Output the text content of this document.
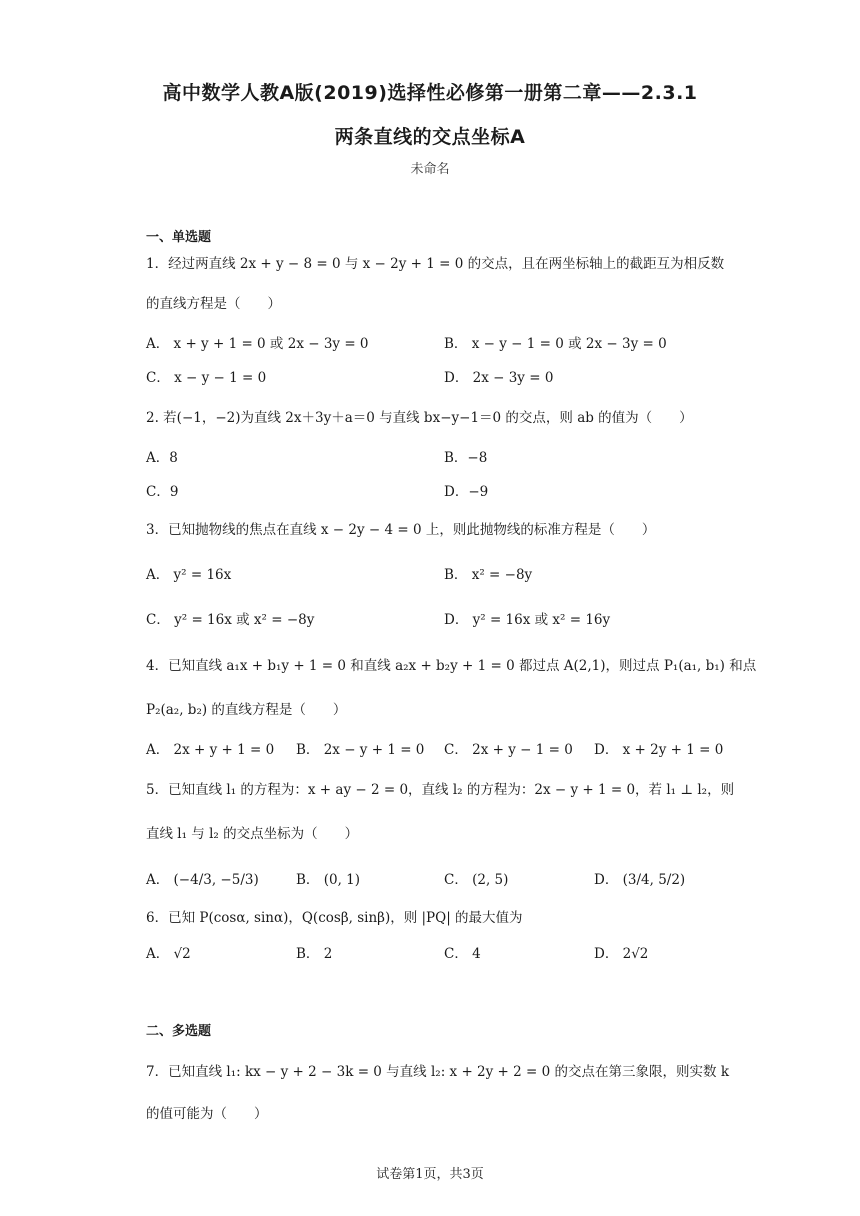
高中数学人教A版(2019)选择性必修第一册第二章——2.3.1
两条直线的交点坐标A
未命名
一、单选题
1．经过两直线 2x + y − 8 = 0 与 x − 2y + 1 = 0 的交点，且在两坐标轴上的截距互为相反数
的直线方程是（　　）
A． x + y + 1 = 0 或 2x − 3y = 0	B． x − y − 1 = 0 或 2x − 3y = 0
C． x − y − 1 = 0	D． 2x − 3y = 0
2. 若(−1，−2)为直线 2x＋3y＋a＝0 与直线 bx−y−1＝0 的交点，则 ab 的值为（　　）
A．8	B．−8
C．9	D．−9
3．已知抛物线的焦点在直线 x − 2y − 4 = 0 上，则此抛物线的标准方程是（　　）
A． y² = 16x	B． x² = −8y
C． y² = 16x 或 x² = −8y	D． y² = 16x 或 x² = 16y
4．已知直线 a₁x + b₁y + 1 = 0 和直线 a₂x + b₂y + 1 = 0 都过点 A(2,1)，则过点 P₁(a₁, b₁) 和点
P₂(a₂, b₂) 的直线方程是（　　）
A． 2x + y + 1 = 0 B． 2x − y + 1 = 0 C． 2x + y − 1 = 0 D． x + 2y + 1 = 0
5．已知直线 l₁ 的方程为：x + ay − 2 = 0，直线 l₂ 的方程为：2x − y + 1 = 0，若 l₁ ⊥ l₂，则
直线 l₁ 与 l₂ 的交点坐标为（　　）
A． (−4/3, −5/3)	B． (0, 1)	C． (2, 5)	D． (3/4, 5/2)
6．已知 P(cosα, sinα)，Q(cosβ, sinβ)，则 |PQ| 的最大值为
A． √2	B． 2	C． 4	D． 2√2
二、多选题
7．已知直线 l₁: kx − y + 2 − 3k = 0 与直线 l₂: x + 2y + 2 = 0 的交点在第三象限，则实数 k
的值可能为（　　）
试卷第1页，共3页
